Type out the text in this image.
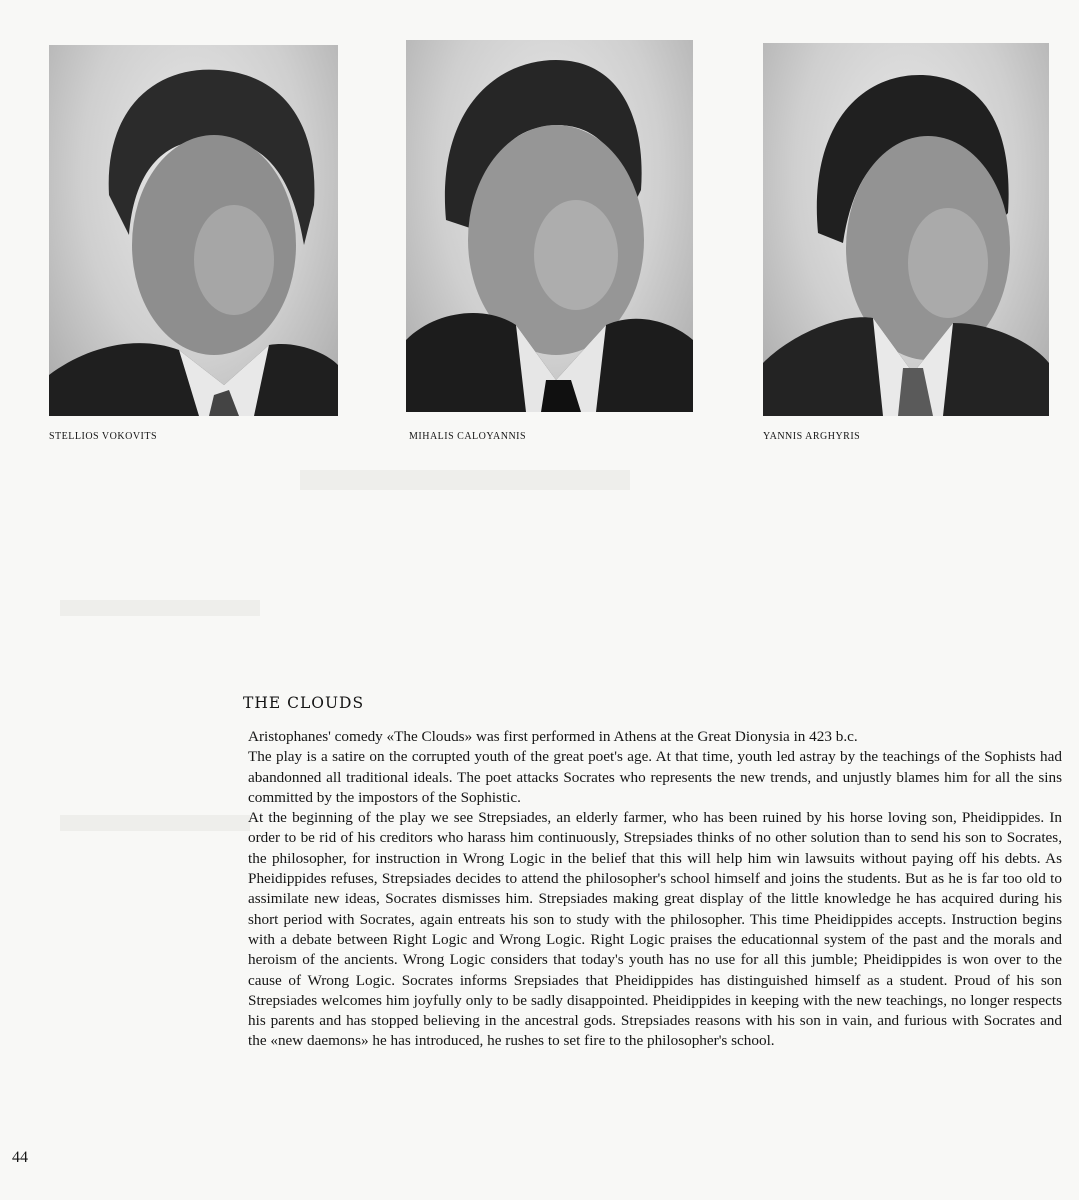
STELLIOS VOKOVITS	MIHALIS CALOYANNIS	YANNIS ARGHYRIS
THE CLOUDS

Aristophanes' comedy «The Clouds» was first performed in Athens at the Great Dionysia in 423 b.c.

The play is a satire on the corrupted youth of the great poet's age. At that time, youth led astray by the teachings of the Sophists had abandonned all traditional ideals. The poet attacks Socrates who represents the new trends, and unjustly blames him for all the sins committed by the impostors of the Sophistic.

At the beginning of the play we see Strepsiades, an elderly farmer, who has been ruined by his horse loving son, Pheidippides. In order to be rid of his creditors who harass him continuously, Strepsiades thinks of no other solution than to send his son to Socrates, the philosopher, for instruction in Wrong Logic in the belief that this will help him win lawsuits without paying off his debts. As Pheidippides refuses, Strepsiades decides to attend the philosopher's school himself and joins the students. But as he is far too old to assimilate new ideas, Socrates dismisses him. Strepsiades making great display of the little knowledge he has acquired during his short period with Socrates, again entreats his son to study with the philosopher. This time Pheidippides accepts. Instruction begins with a debate between Right Logic and Wrong Logic. Right Logic praises the educationnal system of the past and the morals and heroism of the ancients. Wrong Logic considers that today's youth has no use for all this jumble; Pheidippides is won over to the cause of Wrong Logic. Socrates informs Srepsiades that Pheidippides has distinguished himself as a student. Proud of his son Strepsiades welcomes him joyfully only to be sadly disappointed. Pheidippides in keeping with the new teachings, no longer respects his parents and has stopped believing in the ancestral gods. Strepsiades reasons with his son in vain, and furious with Socrates and the «new daemons» he has introduced, he rushes to set fire to the philosopher's school.

44
